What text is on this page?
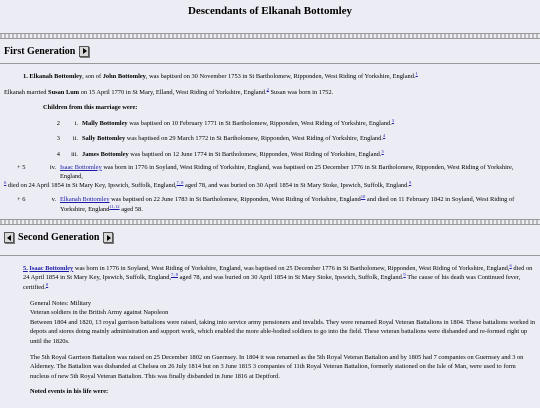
Descendants of Elkanah Bottomley
First Generation

1. Elkanah Bottomley, son of John Bottomley, was baptised on 30 November 1753 in St Bartholomew, Ripponden, West Riding of Yorkshire, England.$^1$

Elkanah married Susan Lum on 15 April 1770 in St Mary, Elland, West Riding of Yorkshire, England.$^2$ Susan was born in 1752.

Children from this marriage were:
2	i. Mally Bottomley was baptised on 10 February 1771 in St Bartholomew, Ripponden, West Riding of Yorkshire, England.$^3$
3	ii. Sally Bottomley was baptised on 29 March 1772 in St Bartholomew, Ripponden, West Riding of Yorkshire, England.$^4$
4	iii. James Bottomley was baptised on 12 June 1774 in St Bartholomew, Ripponden, West Riding of Yorkshire, England.$^5$
+ 5	iv. Isaac Bottomley was born in 1776 in Soyland, West Riding of Yorkshire, England, was baptised on 25 December 1776 in St Bartholomew, Ripponden, West Riding of Yorkshire, England,

$^6$ died on 24 April 1854 in St Mary Key, Ipswich, Suffolk, England,$^{7, 8}$ aged 78, and was buried on 30 April 1854 in St Mary Stoke, Ipswich, Suffolk, England.$^9$

+ 6	v. Elkanah Bottomley was baptised on 22 June 1783 in St Bartholomew, Ripponden, West Riding of Yorkshire, England$^{10}$ and died on 11 February 1842 in Soyland, West Riding of Yorkshire, England$^{11,12}$ aged 58.
Second Generation

5. Isaac Bottomley was born in 1776 in Soyland, West Riding of Yorkshire, England, was baptised on 25 December 1776 in St Bartholomew, Ripponden, West Riding of Yorkshire, England,$^6$ died on 24 April 1854 in St Mary Key, Ipswich, Suffolk, England,$^{7, 8}$ aged 78, and was buried on 30 April 1854 in St Mary Stoke, Ipswich, Suffolk, England.$^9$ The cause of his death was Continued fever, certified.$^8$

General Notes: Military
Veteran soldiers in the British Army against Napoleon
Between 1804 and 1820, 13 royal garrison battalions were raised, taking into service army pensioners and invalids. They were renamed Royal Veteran Battalions in 1804. These battalions worked in depots and stores doing mainly administration and support work, which enabled the more able-bodied soldiers to go into the field. These veteran battalions were disbanded and re-formed right up until the 1820s.
The 5th Royal Garrison Battalion was raised on 25 December 1802 on Guernsey. In 1804 it was renamed as the 5th Royal Veteran Battalion and by 1805 had 7 companies on Guernsey and 3 on Alderney. The Battalion was disbanded at Chelsea on 26 July 1814 but on 3 June 1815 3 companies of 11th Royal Veteran Battalion, formerly stationed on the Isle of Man, were used to form nucleus of new 5th Royal Veteran Battalion. This was finally disbanded in June 1816 at Deptford.
Noted events in his life were:
